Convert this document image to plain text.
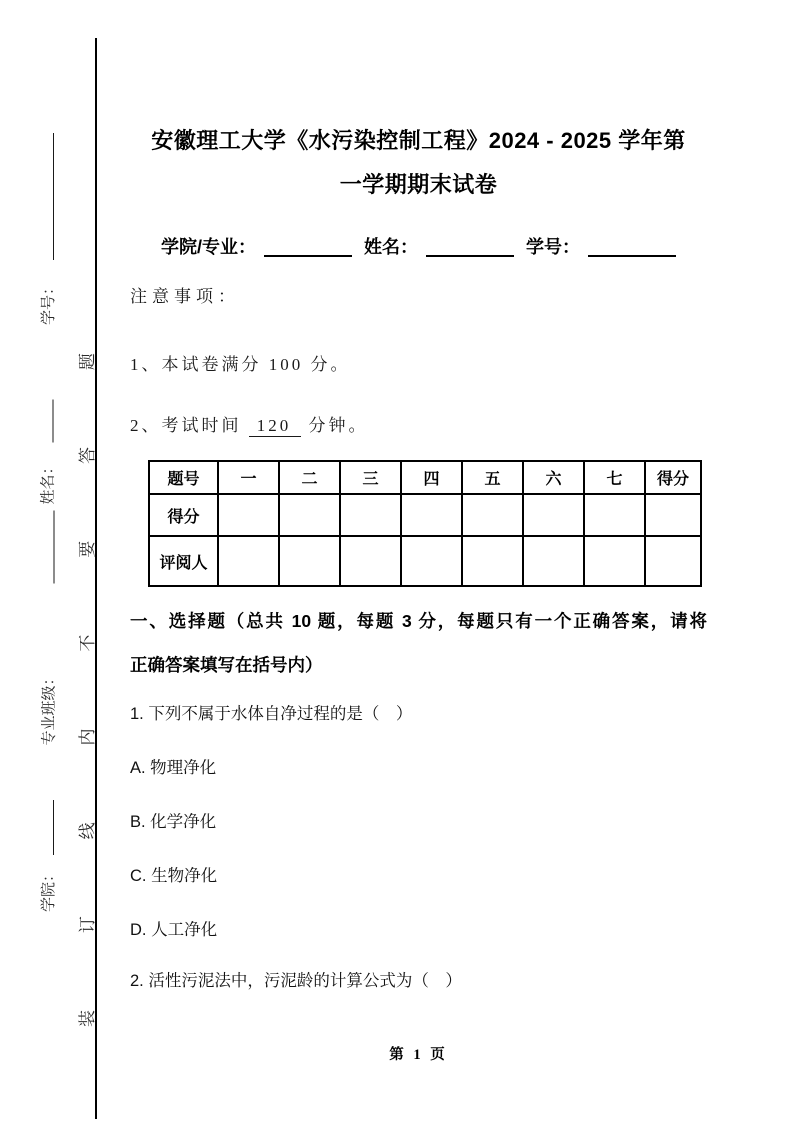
学号：
姓名：
专业班级：
学院：
装
订
线
内
不
要
答
题
安徽理工大学《水污染控制工程》2024 - 2025 学年第
一学期期末试卷
学院/专业：	姓名：	学号：
注意事项：
1、本试卷满分 100 分。
2、考试时间 120 分钟。
题号	一	二	三	四	五	六	七	得分
得分								
评阅人								
一、选择题（总共 10 题，每题 3 分，每题只有一个正确答案，请将
正确答案填写在括号内）
1. 下列不属于水体自净过程的是（　）
A. 物理净化
B. 化学净化
C. 生物净化
D. 人工净化
2. 活性污泥法中，污泥龄的计算公式为（　）
第 1 页
